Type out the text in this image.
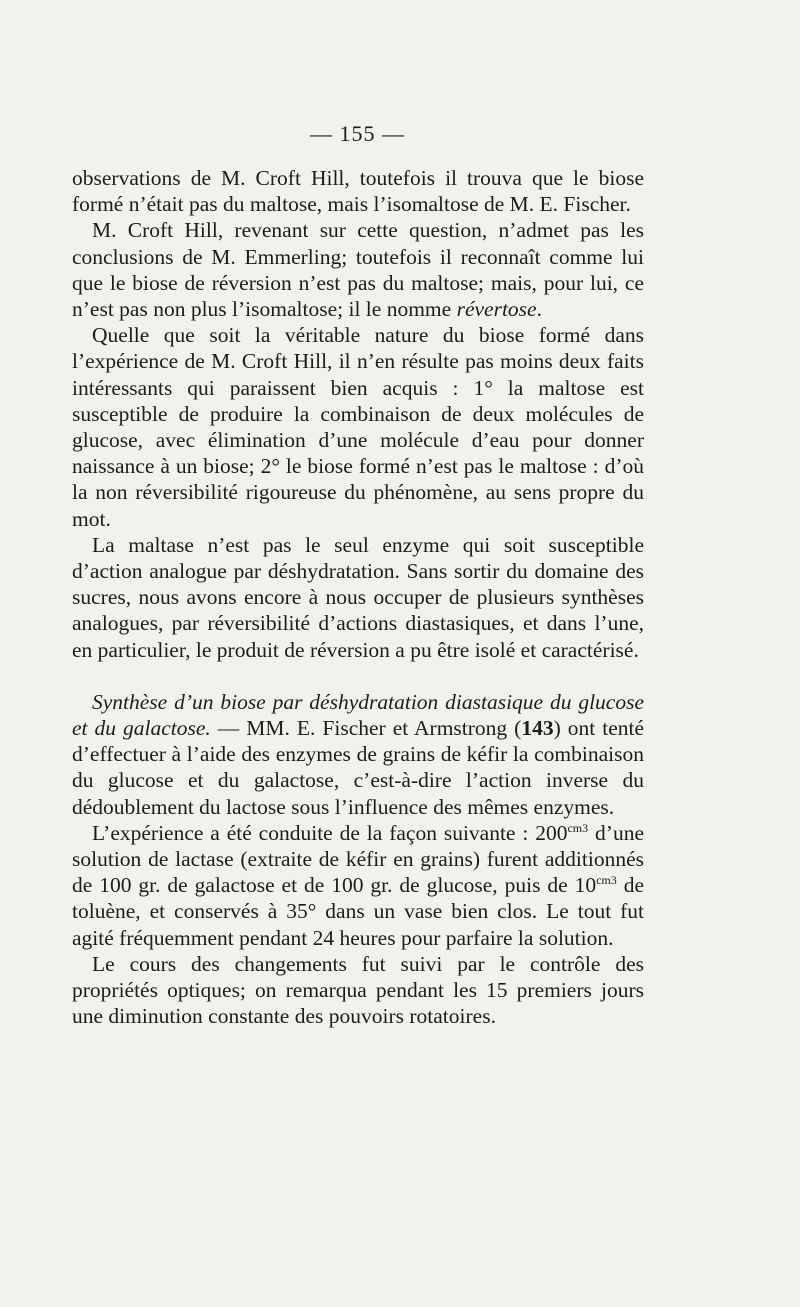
— 155 —

observations de M. Croft Hill, toutefois il trouva que le biose formé n’était pas du maltose, mais l’isomaltose de M. E. Fischer.

M. Croft Hill, revenant sur cette question, n’admet pas les conclusions de M. Emmerling; toutefois il reconnaît comme lui que le biose de réversion n’est pas du maltose; mais, pour lui, ce n’est pas non plus l’isomaltose; il le nomme révertose.

Quelle que soit la véritable nature du biose formé dans l’expérience de M. Croft Hill, il n’en résulte pas moins deux faits intéressants qui paraissent bien acquis : 1° la maltose est susceptible de produire la combinaison de deux molécules de glucose, avec élimination d’une molécule d’eau pour donner naissance à un biose; 2° le biose formé n’est pas le maltose : d’où la non réversibilité rigoureuse du phénomène, au sens propre du mot.

La maltase n’est pas le seul enzyme qui soit susceptible d’action analogue par déshydratation. Sans sortir du domaine des sucres, nous avons encore à nous occuper de plusieurs synthèses analogues, par réversibilité d’actions diastasiques, et dans l’une, en particulier, le produit de réversion a pu être isolé et caractérisé.

Synthèse d’un biose par déshydratation diastasique du glucose et du galactose. — MM. E. Fischer et Armstrong (143) ont tenté d’effectuer à l’aide des enzymes de grains de kéfir la combinaison du glucose et du galactose, c’est-à-dire l’action inverse du dédoublement du lactose sous l’influence des mêmes enzymes.

L’expérience a été conduite de la façon suivante : $200^{cm3}$ d’une solution de lactase (extraite de kéfir en grains) furent additionnés de 100 gr. de galactose et de 100 gr. de glucose, puis de $10^{cm3}$ de toluène, et conservés à 35° dans un vase bien clos. Le tout fut agité fréquemment pendant 24 heures pour parfaire la solution.

Le cours des changements fut suivi par le contrôle des propriétés optiques; on remarqua pendant les 15 premiers jours une diminution constante des pouvoirs rotatoires.
